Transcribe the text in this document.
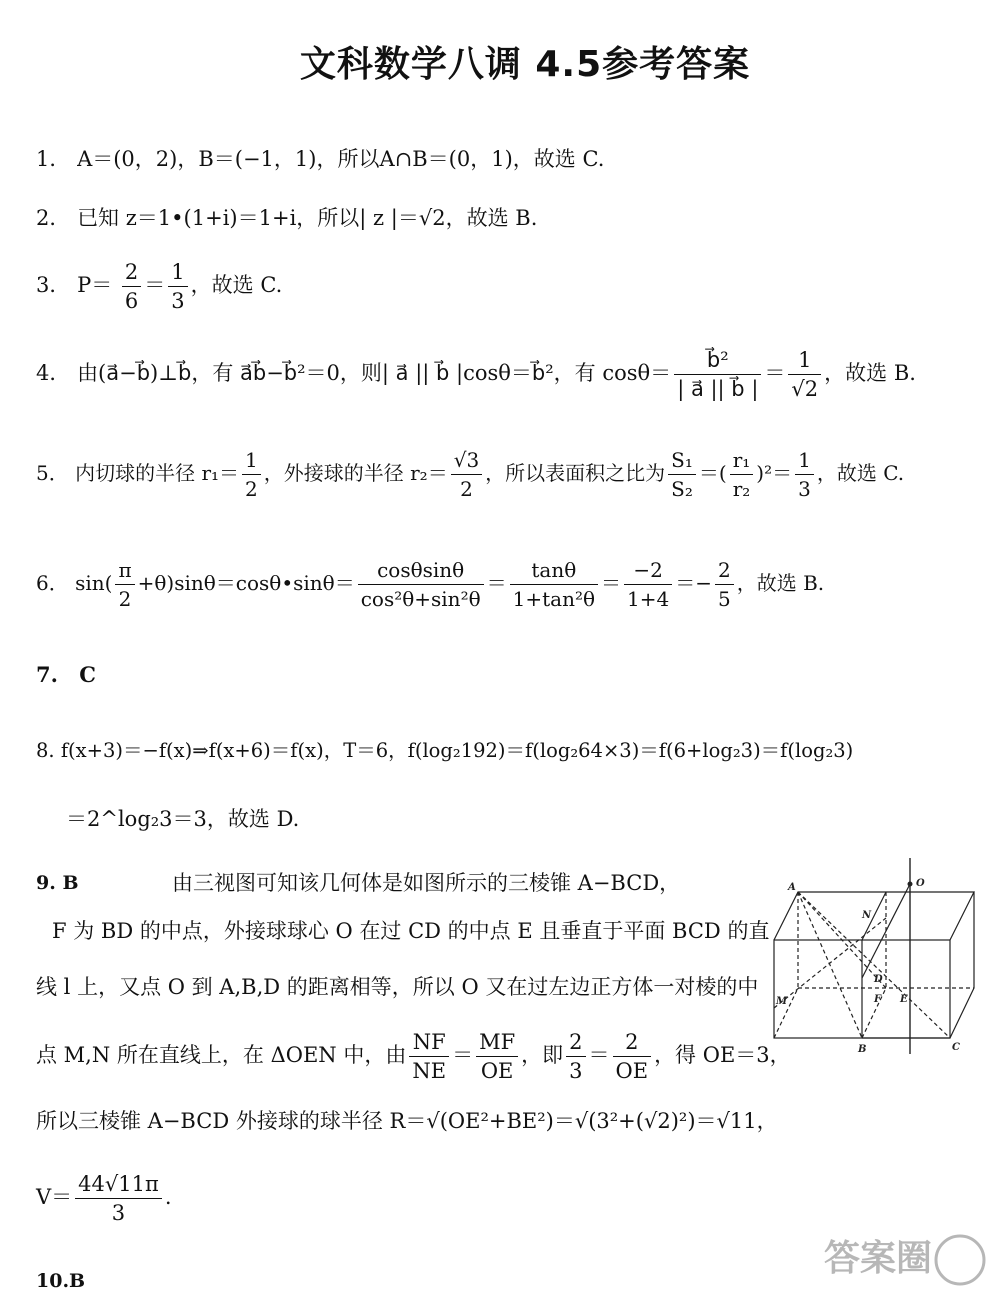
文科数学八调 4.5参考答案
1． A＝(0，2)，B＝(−1，1)，所以A∩B＝(0，1)，故选 C.
2． 已知 z＝1•(1+i)＝1+i，所以| z |＝√2，故选 B.
3． $P= \frac{2}{6} = \frac{1}{3}$ ，故选 C.
4． 由(a⃗−b⃗)⊥b⃗，有 a⃗b⃗−b⃗²＝0，则| a⃗ || b⃗ |cosθ＝b⃗²，有 $\cos\theta= \frac{\text{b⃗²}}{| a⃗ || b⃗ |} = \frac{1}{√2}$ ，故选 B.
5． 内切球的半径 $r_1= \frac{1}{2}$ ，外接球的半径 $r_2= \frac{√3}{2}$ ，所以表面积之比为 $\frac{\text{S₁}}{\text{S₂}}$ ＝( $\frac{\text{r₁}}{\text{r₂}} )^2= \frac{1}{3}$ ，故选 C.
6． $\sin( \frac{\pi}{2}$ +θ)sinθ＝cosθ•sinθ＝ $\frac{\cos\theta\sin\theta}{\text{cos²θ+sin²θ}} = \frac{\tan\theta}{\text{1+tan²θ}} = \frac{-2}{1+4} =- \frac{2}{5}$ ，故选 B.
7. C
8. f(x+3)＝−f(x)⇒f(x+6)＝f(x)，T＝6，f(log₂192)＝f(log₂64×3)＝f(6+log₂3)＝f(log₂3)
＝2^log₂3＝3，故选 D.
9. B	由三视图可知该几何体是如图所示的三棱锥 A−BCD，
F 为 BD 的中点，外接球球心 O 在过 CD 的中点 E 且垂直于平面 BCD 的直
线 l 上，又点 O 到 A,B,D 的距离相等，所以 O 又在过左边正方体一对棱的中
点 M,N 所在直线上，在 ΔOEN 中，由 $\frac{NF}{NE} = \frac{MF}{OE}$ ，即 $\frac{2}{3} = \frac{2}{OE}$ ，得 OE＝3，
所以三棱锥 A−BCD 外接球的球半径 R＝√(OE²+BE²)＝√(3²+(√2)²)＝√11，
$V= \frac{44√11\pi}{3}$ .
10.B
A	O
N
D
M	F E
B	C
答案圈
